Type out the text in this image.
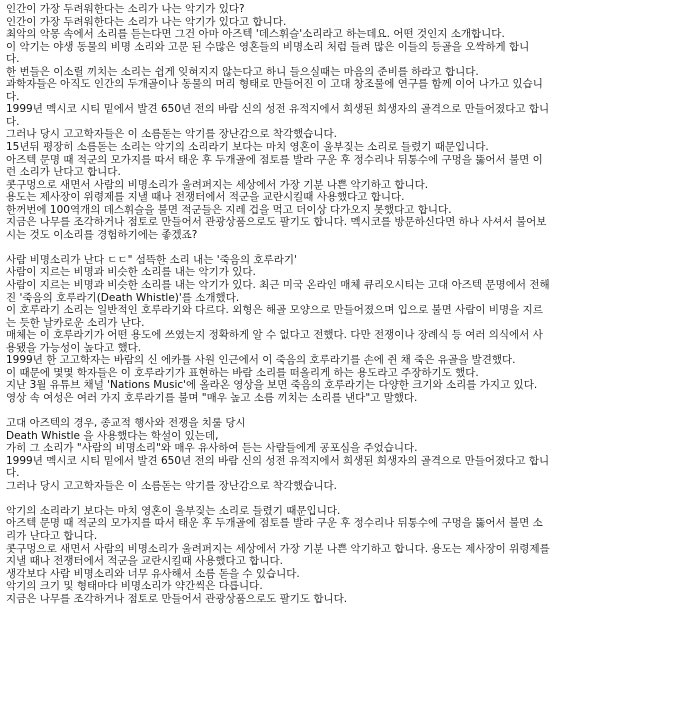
인간이 가장 두려워한다는 소리가 나는 악기가 있다?
인간이 가장 두려워한다는 소리가 나는 악기가 있다고 합니다.
최악의 악몽 속에서 소리를 듣는다면 그건 아마 아즈텍 '데스휘슬'소리라고 하는데요. 어떤 것인지 소개합니다.
이 악기는 야생 동물의 비명 소리와 고문 된 수많은 영혼들의 비명소리 처럼 들려 많은 이들의 등골을 오싹하게 합니
다.
한 번들은 이소릴 끼치는 소리는 쉽게 잊혀지지 않는다고 하니 들으실때는 마음의 준비를 하라고 합니다.
과학자들은 아직도 인간의 두개골이나 동물의 머리 형태로 만들어진 이 고대 창조물에 연구를 함께 이어 나가고 있습니
다.
1999년 멕시코 시티 밑에서 발견 650년 전의 바람 신의 성전 유적지에서 희생된 희생자의 골격으로 만들어졌다고 합니
다.
그러나 당시 고고학자들은 이 소름돋는 악기를 장난감으로 착각했습니다.
15년뒤 평장히 소름돋는 소리는 악기의 소리라기 보다는 마치 영혼이 울부짖는 소리로 들렸기 때문입니다.
아즈텍 문명 때 적군의 모가지를 따서 태운 후 두개골에 점토를 발라 구운 후 정수리나 뒤통수에 구멍을 뚫어서 불면 이
런 소리가 난다고 합니다.
콧구멍으로 새면서 사람의 비명소리가 울려퍼지는 세상에서 가장 기분 나쁜 악기하고 합니다.
용도는 제사장이 위령제를 지낼 때나 전쟁터에서 적군을 교란시킬때 사용했다고 합니다.
한꺼번에 100역개의 데스휘슬을 불면 적군들은 지레 겁을 먹고 더이상 다가오지 못했다고 합니다.
지금은 나무를 조각하거나 점토로 만들어서 관광상품으로도 팔기도 합니다. 멕시코를 방문하신다면 하나 사셔서 불어보
시는 것도 이소리를 경험하기에는 좋겠죠?
사람 비명소리가 난다 ㄷㄷ" 섬뜩한 소리 내는 '죽음의 호루라기'
사람이 지르는 비명과 비슷한 소리를 내는 악기가 있다.
사람이 지르는 비명과 비슷한 소리를 내는 악기가 있다. 최근 미국 온라인 매체 큐리오시티는 고대 아즈텍 문명에서 전해
진 '죽음의 호루라기(Death Whistle)'를 소개했다.
이 호루라기 소리는 일반적인 호루라기와 다르다. 외형은 해골 모양으로 만들어졌으며 입으로 불면 사람이 비명을 지르
는 듯한 날카로운 소리가 난다.
매체는 이 호루라기가 어떤 용도에 쓰였는지 정확하게 알 수 없다고 전했다. 다만 전쟁이나 장례식 등 여러 의식에서 사
용됐을 가능성이 높다고 했다.
1999년 한 고고학자는 바람의 신 에카틀 사원 인근에서 이 죽음의 호루라기를 손에 쥔 채 죽은 유골을 발견했다.
이 때문에 몇몇 학자들은 이 호루라기가 표현하는 바람 소리를 떠올리게 하는 용도라고 주장하기도 했다.
지난 3월 유튜브 채널 'Nations Music'에 올라온 영상을 보면 죽음의 호루라기는 다양한 크기와 소리를 가지고 있다.
영상 속 여성은 여러 가지 호루라기를 불며 "매우 높고 소름 끼치는 소리를 낸다"고 말했다.
고대 아즈텍의 경우, 종교적 행사와 전쟁을 치룰 당시
Death Whistle 을 사용했다는 학설이 있는데,
가히 그 소리가 "사람의 비명소리"와 매우 유사하여 듣는 사람들에게 공포심을 주었습니다.
1999년 멕시코 시티 밑에서 발견 650년 전의 바람 신의 성전 유적지에서 희생된 희생자의 골격으로 만들어졌다고 합니
다.
그러나 당시 고고학자들은 이 소름돋는 악기를 장난감으로 착각했습니다.
악기의 소리라기 보다는 마치 영혼이 울부짖는 소리로 들렸기 때문입니다.
아즈텍 문명 때 적군의 모가지를 따서 태운 후 두개골에 점토를 발라 구운 후 정수리나 뒤통수에 구멍을 뚫어서 불면 소
리가 난다고 합니다.
콧구멍으로 새면서 사람의 비명소리가 울려퍼지는 세상에서 가장 기분 나쁜 악기하고 합니다. 용도는 제사장이 위령제를
지낼 때나 전쟁터에서 적군을 교란시킬때 사용했다고 합니다.
생각보다 사람 비명소리와 너무 유사해서 소름 돋을 수 있습니다.
악기의 크기 및 형태마다 비명소리가 약간씩은 다릅니다.
지금은 나무를 조각하거나 점토로 만들어서 관광상품으로도 팔기도 합니다.
